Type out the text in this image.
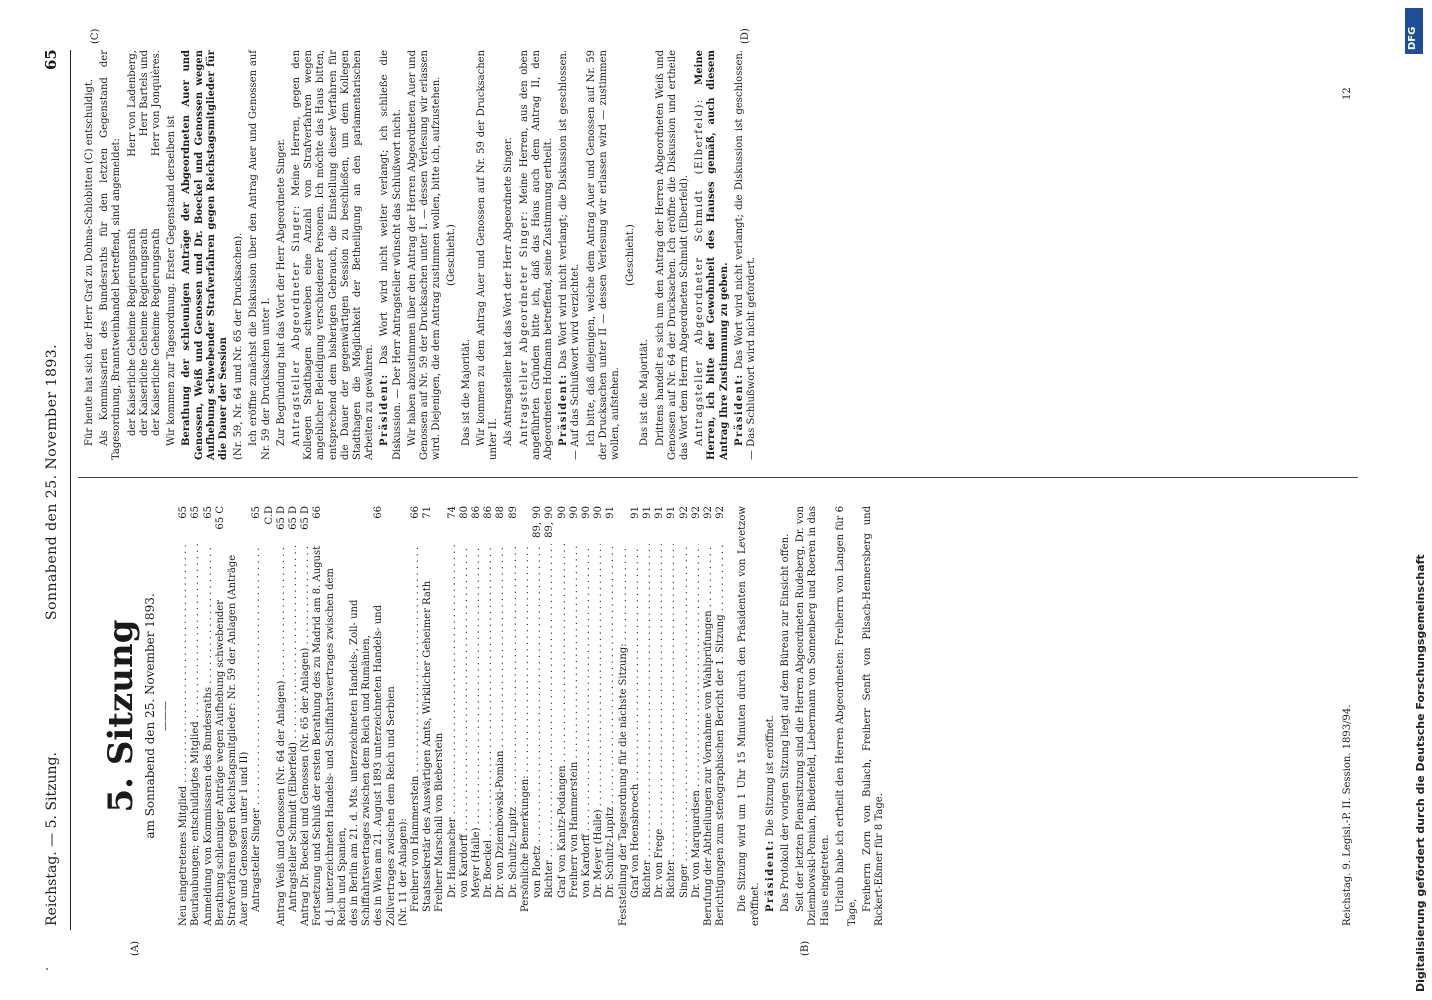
Reichstag. — 5. Sitzung.
Sonnabend den 25. November 1893.
65
(A)	(B)
(C)	(D)
5. Sitzung am Sonnabend den 25. November 1893. ———
Neu eingetretenes Mitglied . . .
65
Beurlaubungen; entschuldigtes Mitglied . . .
65
Anmeldung von Kommissaren des Bundesraths . . .
65
Berathung schleuniger Anträge wegen Aufhebung schwebender Strafverfahren gegen Reichstagsmitglieder: Nr. 59 der Anlagen (Anträge Auer und Genossen unter I und II)
65 C
Antragsteller Singer . . .
65 C.D
Antrag Weiß und Genossen (Nr. 64 der Anlagen) . . .
65 D
Antragsteller Schmidt (Elberfeld) . . .
65 D
Antrag Dr. Boeckel und Genossen (Nr. 65 der Anlagen) . . .
65 D
Fortsetzung und Schluß der ersten Berathung des zu Madrid am 8. August d. J. unterzeichneten Handels- und Schiffahrtsvertrages zwischen dem Reich und Spanien,
66
des in Berlin am 21. d. Mts. unterzeichneten Handels-, Zoll- und Schiffahrtsvertrages zwischen dem Reich und Rumänien, des in Wien am 21. August 1893 unterzeichneten Handels- und Zollvertrages zwischen dem Reich und Serbien
66
(Nr. 11 der Anlagen): Freiherr von Hammerstein . . .
66
Staatssekretär des Auswärtigen Amts, Wirklicher Geheimer Rath Freiherr Marschall von Bieberstein
71
Dr. Hammacher . . .
74
von Kardorff . . .
80
Meyer (Halle) . . .
86
Dr. Boeckel . . .
86
Dr. von Dziembowski-Pomian . . .
88
Dr. Schultz-Lupitz . . .
89
Persönliche Bemerkungen: . . . von Ploetz . . .
89, 90
Richter . . .
89, 90
Graf von Kanitz-Podangen . . .
90
Freiherr von Hammerstein . . .
90
von Kardorff . . .
90
Dr. Meyer (Halle) . . .
90
Dr. Schultz-Lupitz . . .
91
Feststellung der Tagesordnung für die nächste Sitzung: . . . Graf von Hoensbroech . . .
91
Richter . . .
91
Dr. von Frege . . .
91
Richter . . .
91
Singer . . .
92
Dr. von Marquardsen . . .
92
Berufung der Abtheilungen zur Vornahme von Wahlprüfungen . . .
92
Berichtigungen zum stenographischen Bericht der 1. Sitzung . . .
92 Die Sitzung wird um 1 Uhr 15 Minuten durch den Präsidenten von Levetzow eröffnet. Präsident: Die Sitzung ist eröffnet. Das Protokoll der vorigen Sitzung liegt auf dem Büreau zur Einsicht offen. Seit der letzten Plenarsitzung sind die Herren Abgeordneten Rudeberg, Dr. von Dziembowski-Pomian, Biedenfeld, Liebermann von Sonnenberg und Roeren in das Haus eingetreten. Urlaub habe ich ertheilt den Herren Abgeordneten: Freiherrn von Langen für 6 Tage,

Freiherrn Zorn von Bulach, Freiherr Senft von Pilsach-Hennersberg und Rickert-Eßmer für 8 Tage.

Für heute hat sich der Herr Graf zu Dohna-Schlobitten (C) entschuldigt. Als Kommissarien des Bundesraths für den letzten Gegenstand der Tagesordnung, Branntweinhandel betreffend, sind angemeldet: der Kaiserliche Geheime Regierungsrath
Herr von Ladenberg,
der Kaiserliche Geheime Regierungsrath
Herr Bartels und
der Kaiserliche Geheime Regierungsrath
Herr von Jonquières.

Wir kommen zur Tagesordnung. Erster Gegenstand derselben ist Berathung der schleunigen Anträge der Abgeordneten Auer und Genossen, Weiß und Genossen und Dr. Boeckel und Genossen wegen Aufhebung schwebender Strafverfahren gegen Reichstagsmitglieder für die Dauer der Session (Nr. 59, Nr. 64 und Nr. 65 der Drucksachen). Ich eröffne zunächst die Diskussion über den Antrag Auer und Genossen auf Nr. 59 der Drucksachen unter I. Zur Begründung hat das Wort der Herr Abgeordnete Singer. Antragsteller Abgeordneter Singer: Meine Herren, gegen den Kollegen Stadthagen schweben eine Anzahl von Strafverfahren wegen angeblicher Beleidigung verschiedener Personen. Ich möchte das Haus bitten, entsprechend dem bisherigen Gebrauch, die Einstellung dieser Verfahren für die Dauer der gegenwärtigen Session zu beschließen, um dem Kollegen Stadthagen die Möglichkeit der Betheiligung an den parlamentarischen Arbeiten zu gewähren. Präsident: Das Wort wird nicht weiter verlangt; ich schließe die Diskussion. — Der Herr Antragsteller wünscht das Schlußwort nicht. Wir haben abzustimmen über den Antrag der Herren Abgeordneten Auer und Genossen auf Nr. 59 der Drucksachen unter I. — dessen Verlesung wir erlassen wird. Diejenigen, die dem Antrag zustimmen wollen, bitte ich, aufzustehen. (Geschieht.)

Das ist die Majorität. Wir kommen zu dem Antrag Auer und Genossen auf Nr. 59 der Drucksachen unter II. Als Antragsteller hat das Wort der Herr Abgeordnete Singer. Antragsteller Abgeordneter Singer: Meine Herren, aus den oben angeführten Gründen bitte ich, daß das Haus auch dem Antrag II, den Abgeordneten Hofmann betreffend, seine Zustimmung ertheilt. Präsident: Das Wort wird nicht verlangt; die Diskussion ist geschlossen. — Auf das Schlußwort wird verzichtet. Ich bitte, daß diejenigen, welche dem Antrag Auer und Genossen auf Nr. 59 der Drucksachen unter II — dessen Verlesung wir erlassen wird — zustimmen wollen, aufstehen.

(Geschieht.)

Das ist die Majorität. Drittens handelt es sich um den Antrag der Herren Abgeordneten Weiß und Genossen auf Nr. 64 der Drucksachen. Ich eröffne die Diskussion und ertheile das Wort dem Herrn Abgeordneten Schmidt (Elberfeld). Antragsteller Abgeordneter Schmidt (Elberfeld): Meine Herren, ich bitte der Gewohnheit des Hauses gemäß, auch diesem Antrag Ihre Zustimmung zu geben. Präsident: Das Wort wird nicht verlangt; die Diskussion ist geschlossen. — Das Schlußwort wird nicht gefordert.

Reichstag. 9. Legisl.-P. II. Session. 1893/94.
12
DFG
Digitalisierung gefördert durch die Deutsche Forschungsgemeinschaft
